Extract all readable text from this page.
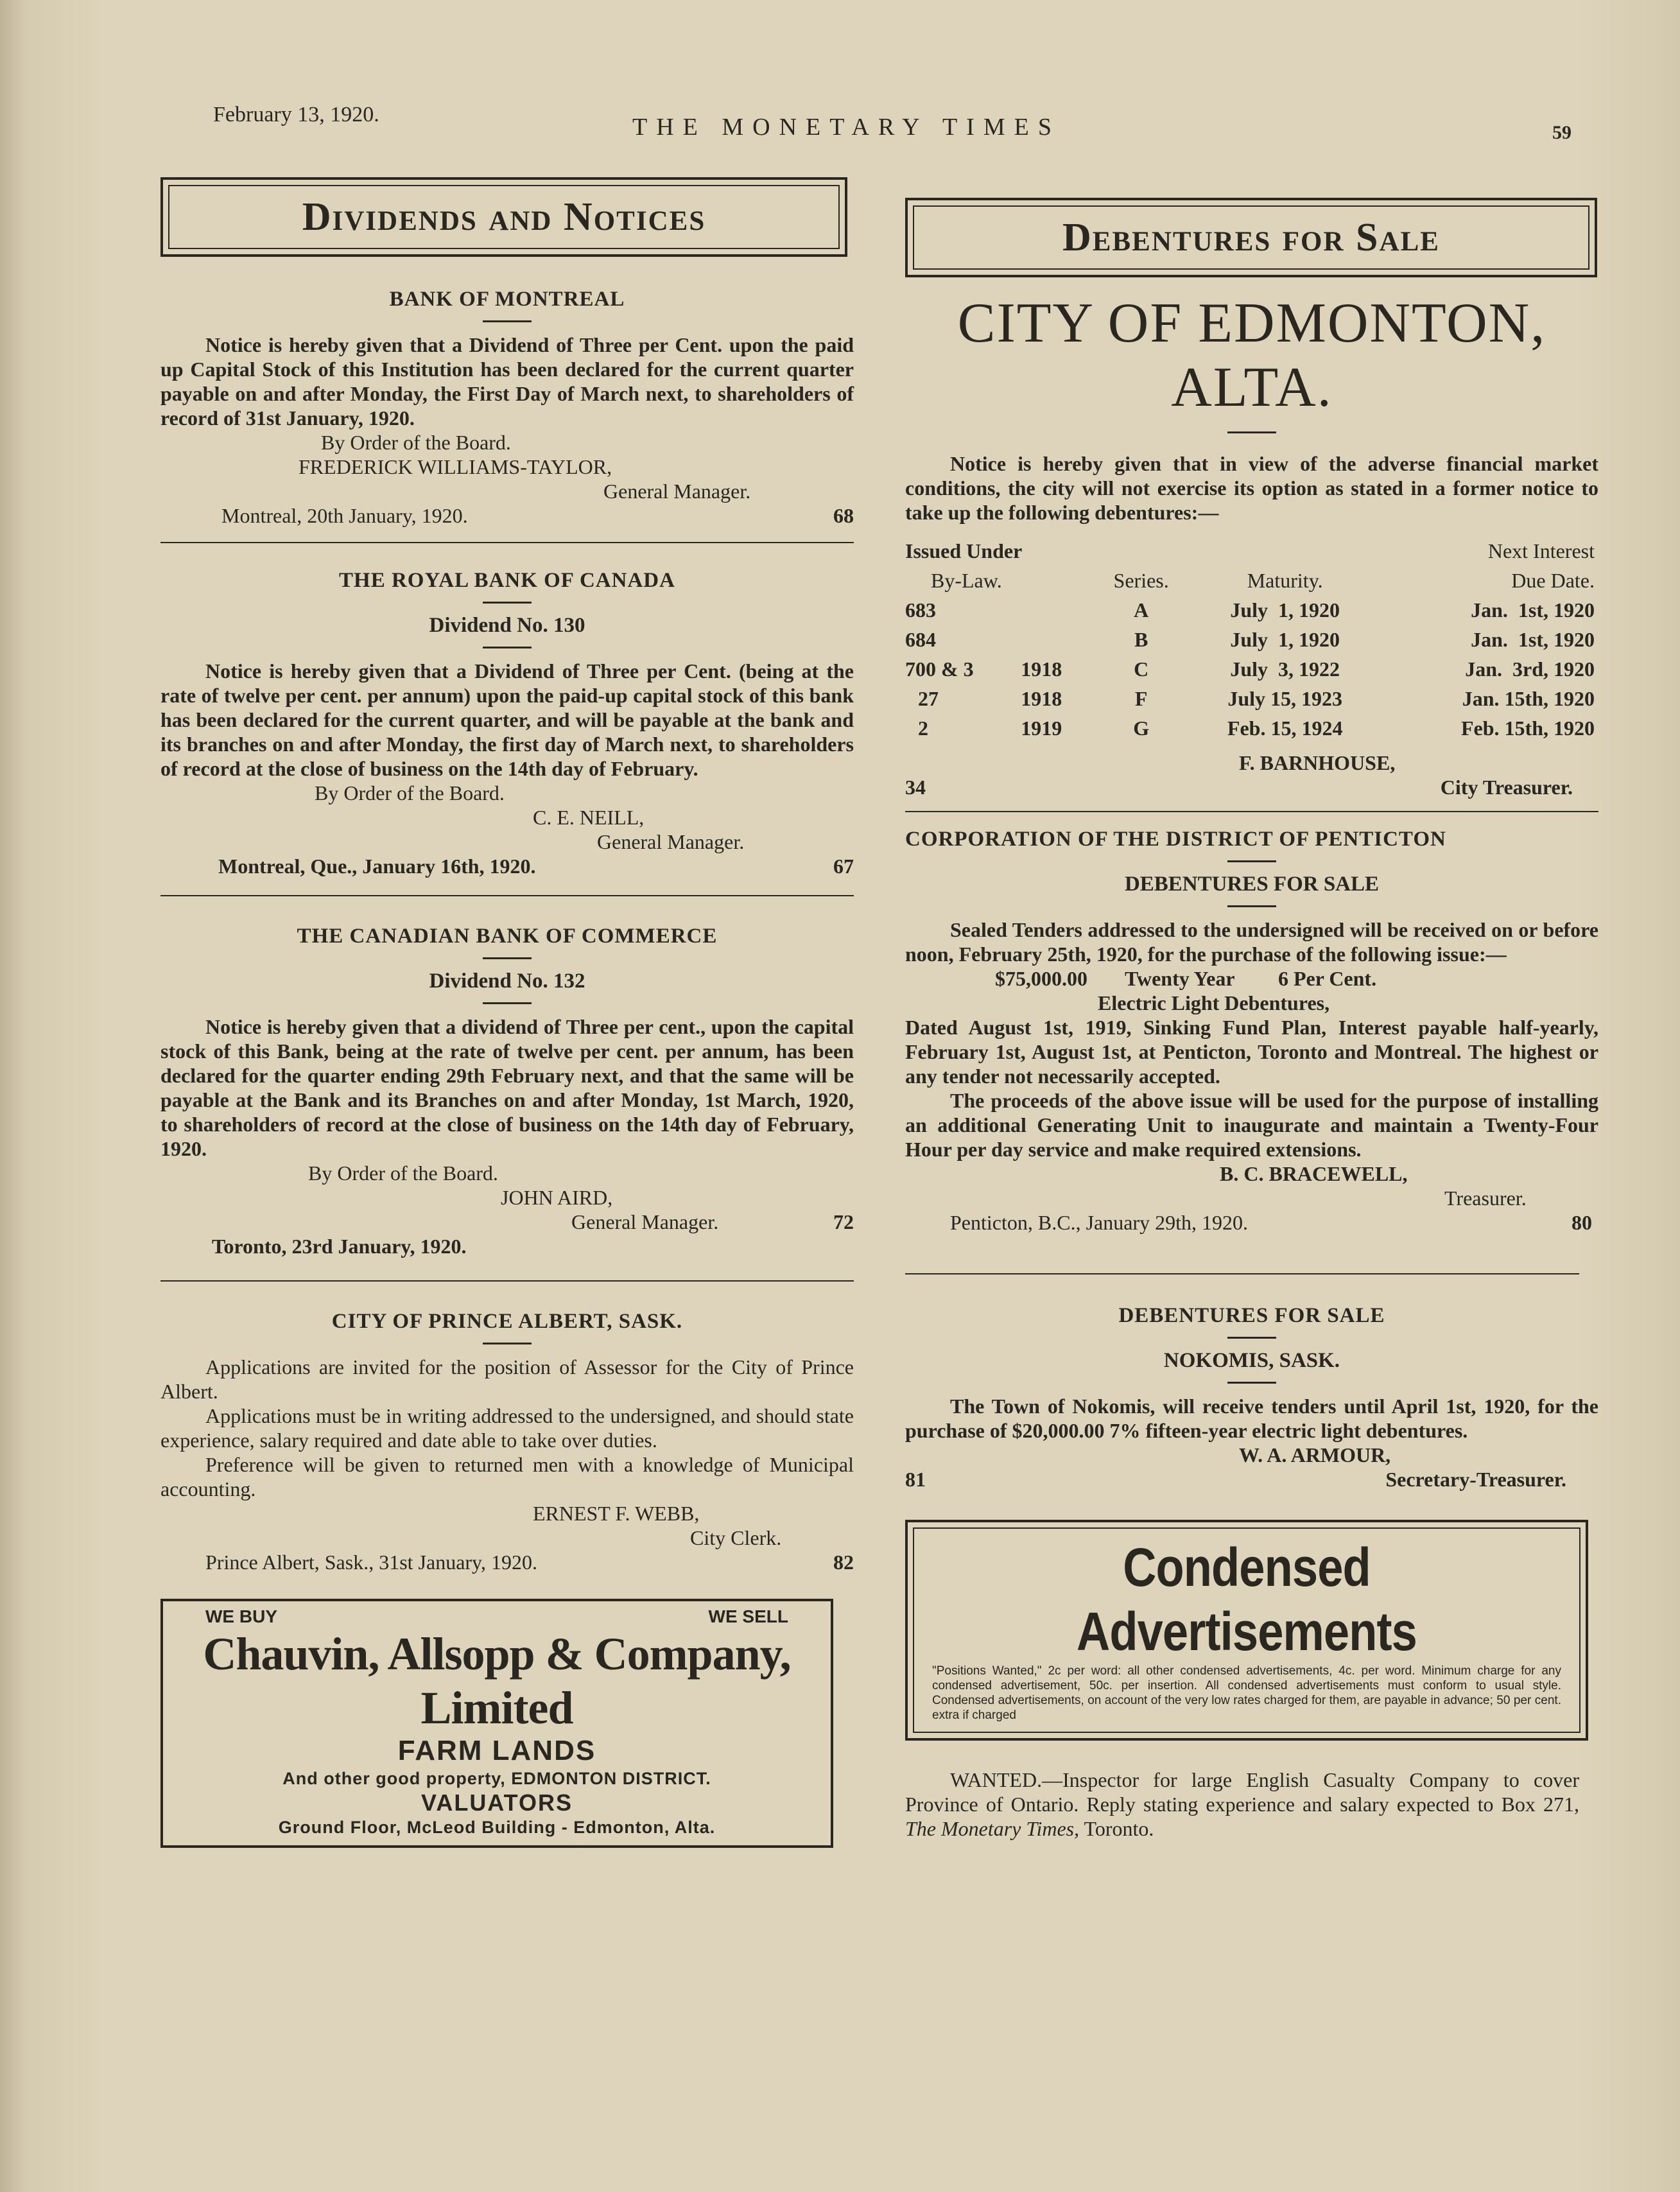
February 13, 1920.	THE MONETARY TIMES	59
Dividends and Notices
BANK OF MONTREAL

Notice is hereby given that a Dividend of Three per Cent. upon the paid up Capital Stock of this Institution has been declared for the current quarter payable on and after Monday, the First Day of March next, to shareholders of record of 31st January, 1920.

By Order of the Board.
FREDERICK WILLIAMS-TAYLOR,
General Manager.
Montreal, 20th January, 1920.	68
THE ROYAL BANK OF CANADA
Dividend No. 130

Notice is hereby given that a Dividend of Three per Cent. (being at the rate of twelve per cent. per annum) upon the paid-up capital stock of this bank has been declared for the current quarter, and will be payable at the bank and its branches on and after Monday, the first day of March next, to shareholders of record at the close of business on the 14th day of February.

By Order of the Board.
C. E. NEILL,
General Manager.
Montreal, Que., January 16th, 1920.	67
THE CANADIAN BANK OF COMMERCE
Dividend No. 132

Notice is hereby given that a dividend of Three per cent., upon the capital stock of this Bank, being at the rate of twelve per cent. per annum, has been declared for the quarter ending 29th February next, and that the same will be payable at the Bank and its Branches on and after Monday, 1st March, 1920, to shareholders of record at the close of business on the 14th day of February, 1920.

By Order of the Board.
JOHN AIRD,
General Manager.	72
Toronto, 23rd January, 1920.
CITY OF PRINCE ALBERT, SASK.

Applications are invited for the position of Assessor for the City of Prince Albert.

Applications must be in writing addressed to the undersigned, and should state experience, salary required and date able to take over duties.

Preference will be given to returned men with a knowledge of Municipal accounting.

ERNEST F. WEBB,
City Clerk.
Prince Albert, Sask., 31st January, 1920.	82
WE BUY	WE SELL
Chauvin, Allsopp & Company, Limited
FARM LANDS
And other good property, EDMONTON DISTRICT.
VALUATORS
Ground Floor, McLeod Building - Edmonton, Alta.
Debentures for Sale
CITY OF EDMONTON,
ALTA.

Notice is hereby given that in view of the adverse financial market conditions, the city will not exercise its option as stated in a former notice to take up the following debentures:—

Issued Under				Next Interest
By-Law.		Series.	Maturity.	Due Date.
683		A	July  1, 1920	Jan.  1st, 1920
684		B	July  1, 1920	Jan.  1st, 1920
700 & 3	1918	C	July  3, 1922	Jan.  3rd, 1920
27	1918	F	July 15, 1923	Jan. 15th, 1920
2	1919	G	Feb. 15, 1924	Feb. 15th, 1920
F. BARNHOUSE,
34	City Treasurer.
CORPORATION OF THE DISTRICT OF PENTICTON
DEBENTURES FOR SALE

Sealed Tenders addressed to the undersigned will be received on or before noon, February 25th, 1920, for the purchase of the following issue:—

$75,000.00 Twenty Year 6 Per Cent.
Electric Light Debentures,

Dated August 1st, 1919, Sinking Fund Plan, Interest payable half-yearly, February 1st, August 1st, at Penticton, Toronto and Montreal. The highest or any tender not necessarily accepted.

The proceeds of the above issue will be used for the purpose of installing an additional Generating Unit to inaugurate and maintain a Twenty-Four Hour per day service and make required extensions.

B. C. BRACEWELL,
Treasurer.
Penticton, B.C., January 29th, 1920.	80
DEBENTURES FOR SALE
NOKOMIS, SASK.

The Town of Nokomis, will receive tenders until April 1st, 1920, for the purchase of $20,000.00 7% fifteen-year electric light debentures.

W. A. ARMOUR,
81	Secretary-Treasurer.
Condensed Advertisements
"Positions Wanted," 2c per word: all other condensed advertisements, 4c. per word. Minimum charge for any condensed advertisement, 50c. per insertion. All condensed advertisements must conform to usual style. Condensed advertisements, on account of the very low rates charged for them, are payable in advance; 50 per cent. extra if charged

WANTED.—Inspector for large English Casualty Company to cover Province of Ontario. Reply stating experience and salary expected to Box 271, The Monetary Times, Toronto.
